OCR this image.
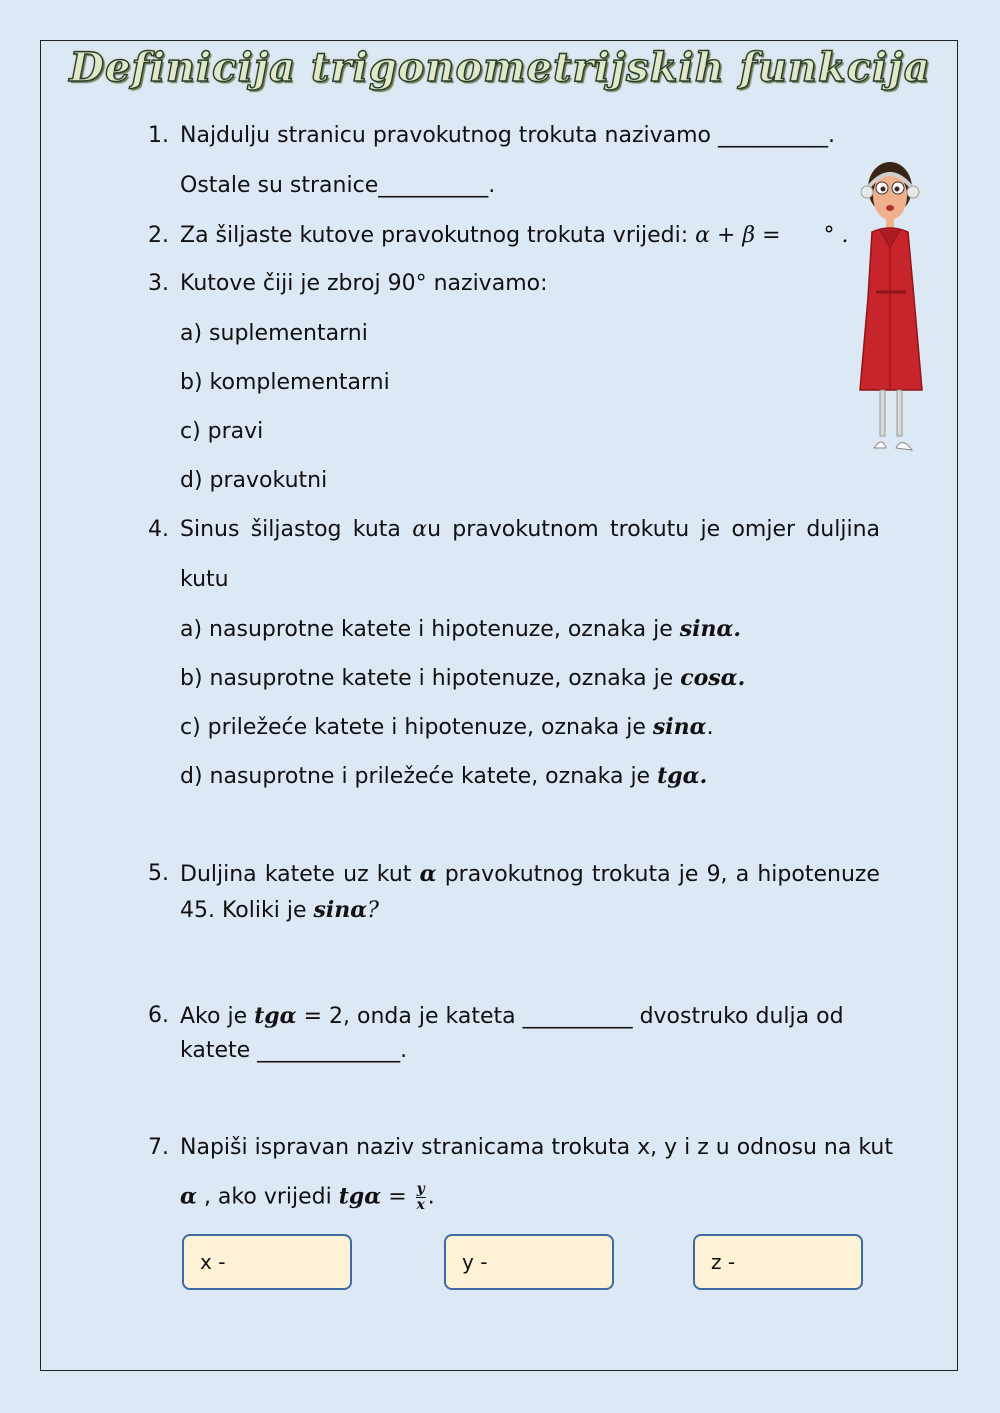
Definicija trigonometrijskih funkcija
1. Najdulju stranicu pravokutnog trokuta nazivamo __________.
Ostale su stranice__________.
2. Za šiljaste kutove pravokutnog trokuta vrijedi: α + β = ° .
3. Kutove čiji je zbroj 90° nazivamo:
a) suplementarni
b) komplementarni
c) pravi
d) pravokutni
4. Sinus šiljastog kuta αu pravokutnom trokutu je omjer duljina
kutu
a) nasuprotne katete i hipotenuze, oznaka je sinα.
b) nasuprotne katete i hipotenuze, oznaka je cosα.
c) priležeće katete i hipotenuze, oznaka je sinα.
d) nasuprotne i priležeće katete, oznaka je tgα.
5. Duljina katete uz kut α pravokutnog trokuta je 9, a hipotenuze
45. Koliki je sinα?
6. Ako je tgα = 2, onda je kateta __________ dvostruko dulja od
katete _____________.
7. Napiši ispravan naziv stranicama trokuta x, y i z u odnosu na kut
α , ako vrijedi $tg\alpha = \frac{y}{x}$ .
x -	y -	z -
